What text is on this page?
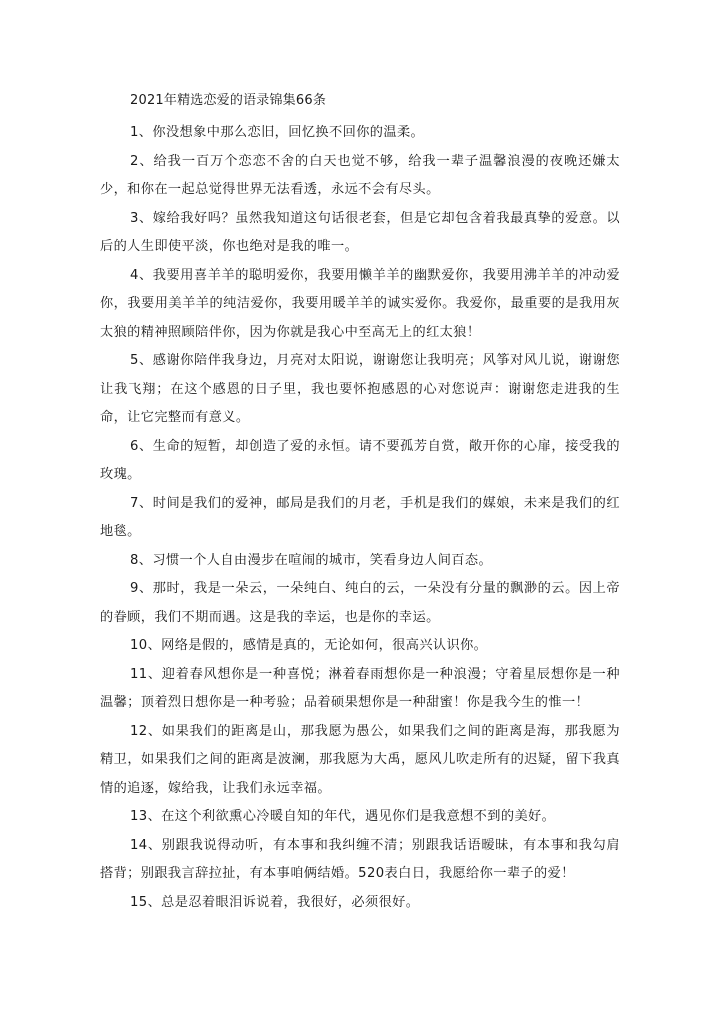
2021年精选恋爱的语录锦集66条

1、你没想象中那么恋旧，回忆换不回你的温柔。

2、给我一百万个恋恋不舍的白天也觉不够，给我一辈子温馨浪漫的夜晚还嫌太少，和你在一起总觉得世界无法看透，永远不会有尽头。

3、嫁给我好吗？虽然我知道这句话很老套，但是它却包含着我最真挚的爱意。以后的人生即使平淡，你也绝对是我的唯一。

4、我要用喜羊羊的聪明爱你，我要用懒羊羊的幽默爱你，我要用沸羊羊的冲动爱你，我要用美羊羊的纯洁爱你，我要用暖羊羊的诚实爱你。我爱你，最重要的是我用灰太狼的精神照顾陪伴你，因为你就是我心中至高无上的红太狼！

5、感谢你陪伴我身边，月亮对太阳说，谢谢您让我明亮；风筝对风儿说，谢谢您让我飞翔；在这个感恩的日子里，我也要怀抱感恩的心对您说声：谢谢您走进我的生命，让它完整而有意义。

6、生命的短暂，却创造了爱的永恒。请不要孤芳自赏，敞开你的心扉，接受我的玫瑰。

7、时间是我们的爱神，邮局是我们的月老，手机是我们的媒娘，未来是我们的红地毯。

8、习惯一个人自由漫步在喧闹的城市，笑看身边人间百态。

9、那时，我是一朵云，一朵纯白、纯白的云，一朵没有分量的飘渺的云。因上帝的眷顾，我们不期而遇。这是我的幸运，也是你的幸运。

10、网络是假的，感情是真的，无论如何，很高兴认识你。

11、迎着春风想你是一种喜悦；淋着春雨想你是一种浪漫；守着星辰想你是一种温馨；顶着烈日想你是一种考验；品着硕果想你是一种甜蜜！你是我今生的惟一！

12、如果我们的距离是山，那我愿为愚公，如果我们之间的距离是海，那我愿为精卫，如果我们之间的距离是波澜，那我愿为大禹，愿风儿吹走所有的迟疑，留下我真情的追逐，嫁给我，让我们永远幸福。

13、在这个利欲熏心冷暖自知的年代，遇见你们是我意想不到的美好。

14、别跟我说得动听，有本事和我纠缠不清；别跟我话语暧昧，有本事和我勾肩搭背；别跟我言辞拉扯，有本事咱俩结婚。520表白日，我愿给你一辈子的爱！

15、总是忍着眼泪诉说着，我很好，必须很好。
